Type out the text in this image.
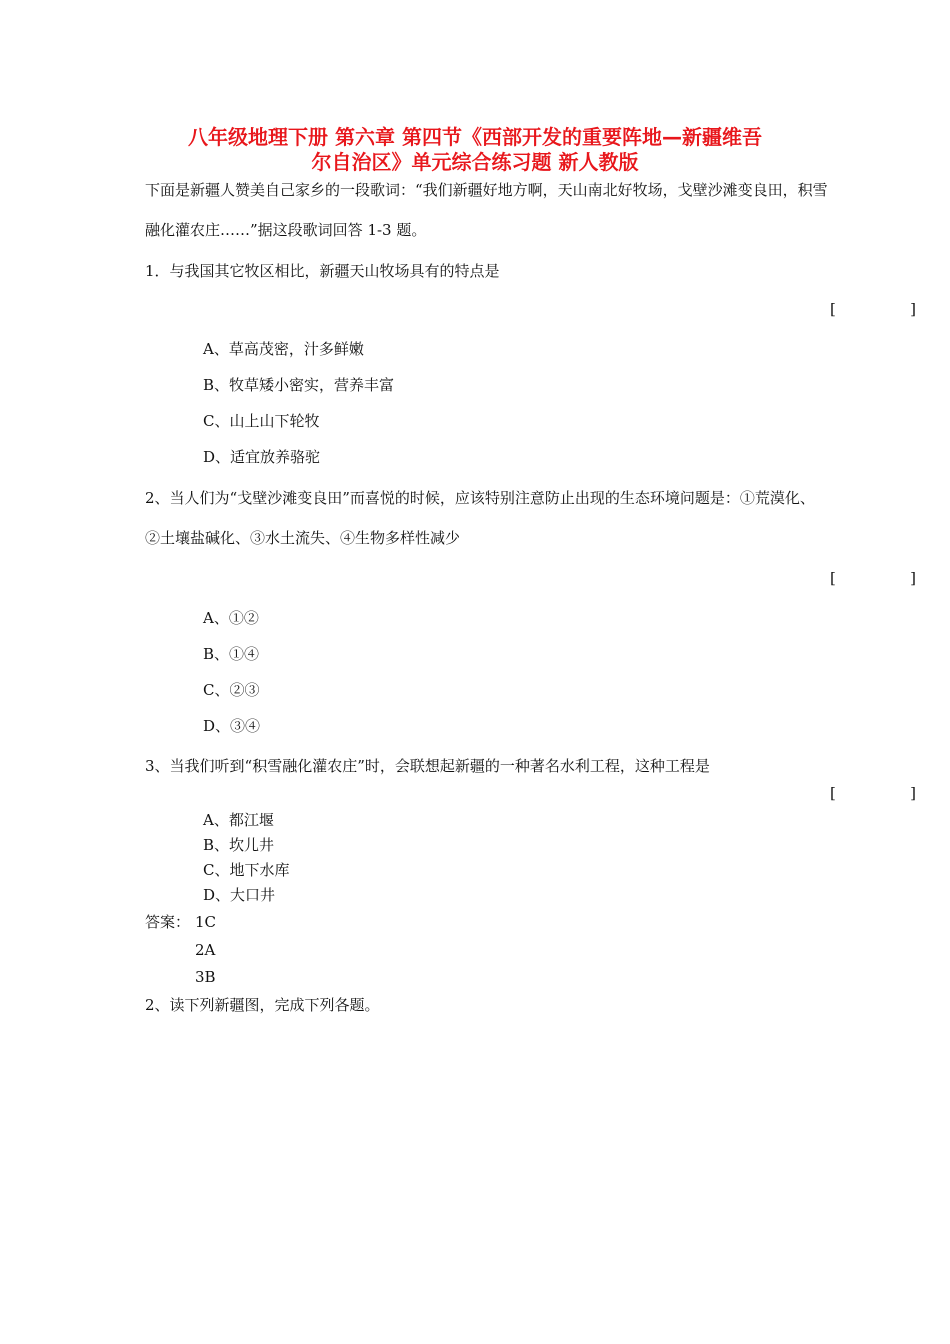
八年级地理下册 第六章 第四节《西部开发的重要阵地—新疆维吾
尔自治区》单元综合练习题 新人教版
下面是新疆人赞美自己家乡的一段歌词：“我们新疆好地方啊，天山南北好牧场，戈壁沙滩变良田，积雪
融化灌农庄……”据这段歌词回答 1-3 题。
1．与我国其它牧区相比，新疆天山牧场具有的特点是
[	]
A、草高茂密，汁多鲜嫩
B、牧草矮小密实，营养丰富
C、山上山下轮牧
D、适宜放养骆驼
2、当人们为“戈壁沙滩变良田”而喜悦的时候，应该特别注意防止出现的生态环境问题是：①荒漠化、
②土壤盐碱化、③水土流失、④生物多样性减少
[	]
A、①②
B、①④
C、②③
D、③④
3、当我们听到“积雪融化灌农庄”时，会联想起新疆的一种著名水利工程，这种工程是
[	]
A、都江堰
B、坎儿井
C、地下水库
D、大口井
答案： 1C
2A
3B
2、读下列新疆图，完成下列各题。
